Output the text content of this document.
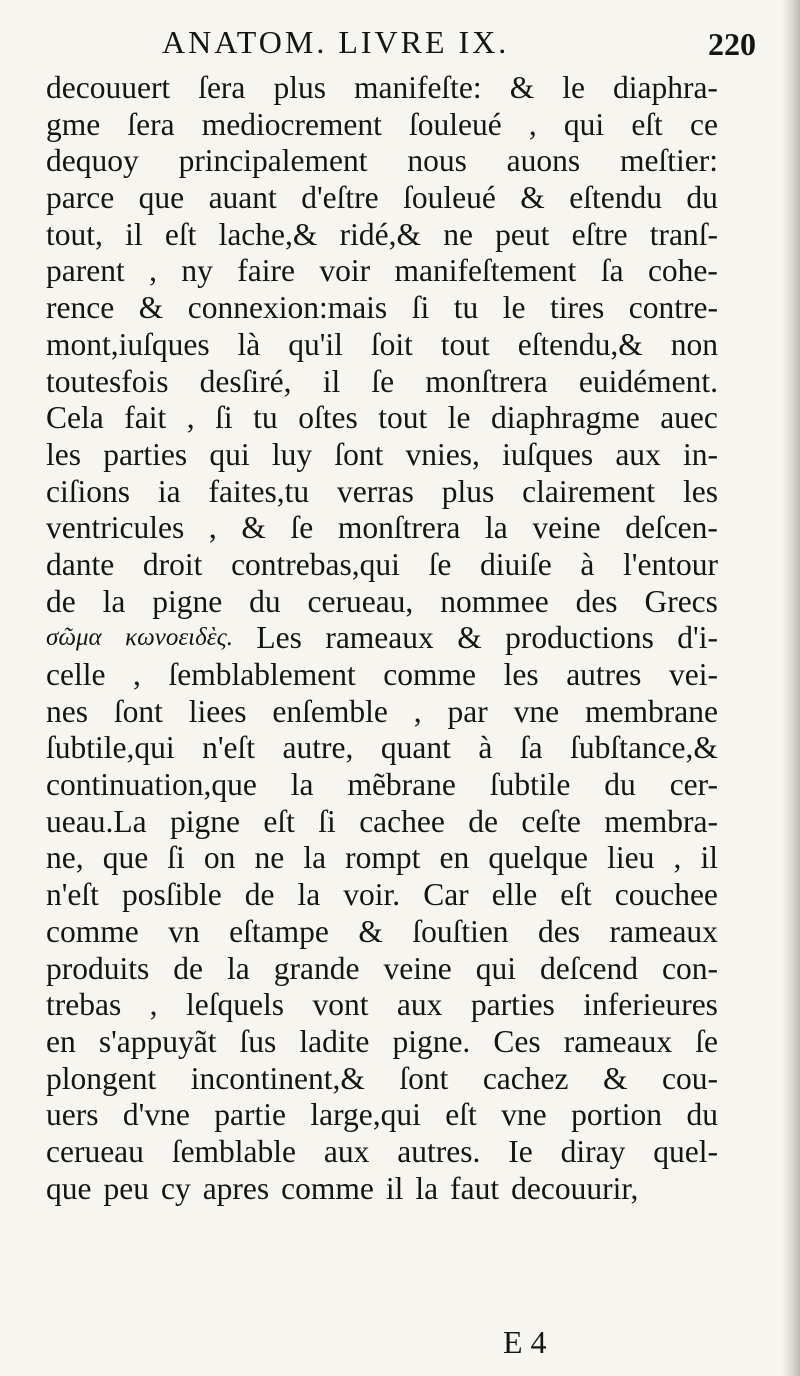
ANATOM. LIVRE IX.	220
decouuert ſera plus manifeſte: & le diaphra-
gme ſera mediocrement ſouleué , qui eſt ce
dequoy principalement nous auons meſtier:
parce que auant d'eſtre ſouleué & eſtendu du
tout, il eſt lache,& ridé,& ne peut eſtre tranſ-
parent , ny faire voir manifeſtement ſa cohe-
rence & connexion:mais ſi tu le tires contre-
mont,iuſques là qu'il ſoit tout eſtendu,& non
toutesfois desſiré, il ſe monſtrera euidément.
Cela fait , ſi tu oſtes tout le diaphragme auec
les parties qui luy ſont vnies, iuſques aux in-
ciſions ia faites,tu verras plus clairement les
ventricules , & ſe monſtrera la veine deſcen-
dante droit contrebas,qui ſe diuiſe à l'entour
de la pigne du cerueau, nommee des Grecs
σῶμα κωνοειδὲς. Les rameaux & productions d'i-
celle , ſemblablement comme les autres vei-
nes ſont liees enſemble , par vne membrane
ſubtile,qui n'eſt autre, quant à ſa ſubſtance,&
continuation,que la mẽbrane ſubtile du cer-
ueau.La pigne eſt ſi cachee de ceſte membra-
ne, que ſi on ne la rompt en quelque lieu , il
n'eſt posſible de la voir. Car elle eſt couchee
comme vn eſtampe & ſouſtien des rameaux
produits de la grande veine qui deſcend con-
trebas , leſquels vont aux parties inferieures
en s'appuyãt ſus ladite pigne. Ces rameaux ſe
plongent incontinent,& ſont cachez & cou-
uers d'vne partie large,qui eſt vne portion du
cerueau ſemblable aux autres. Ie diray quel-
que peu cy apres comme il la faut decouurir,
E 4
